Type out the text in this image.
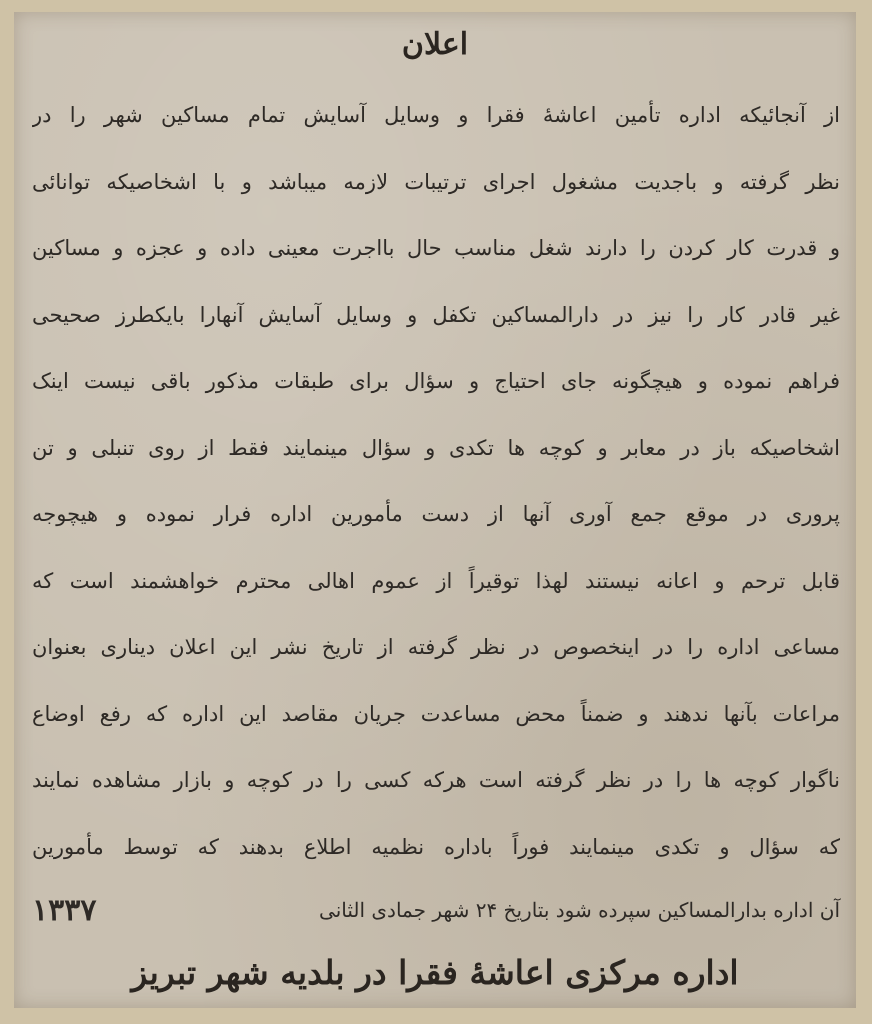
اعلان
از آنجائیکه اداره تأمین اعاشهٔ فقرا و وسایل آسایش تمام مساکین شهر را در
نظر گرفته و باجدیت مشغول اجرای ترتیبات لازمه میباشد و با اشخاصیکه توانائی
و قدرت کار کردن را دارند شغل مناسب حال بااجرت معینی داده و عجزه و مساکین
غیر قادر کار را نیز در دارالمساکین تکفل و وسایل آسایش آنهارا بایکطرز صحیحی
فراهم نموده و هیچگونه جای احتیاج و سؤال برای طبقات مذکور باقی نیست اینک
اشخاصیکه باز در معابر و کوچه ها تکدی و سؤال مینمایند فقط از روی تنبلی و تن
پروری در موقع جمع آوری آنها از دست مأمورین اداره فرار نموده و هیچوجه
قابل ترحم و اعانه نیستند لهذا توقیراً از عموم اهالی محترم خواهشمند است که
مساعی اداره را در اینخصوص در نظر گرفته از تاریخ نشر این اعلان دیناری بعنوان
مراعات بآنها ندهند و ضمناً محض مساعدت جریان مقاصد این اداره که رفع اوضاع
ناگوار کوچه ها را در نظر گرفته است هرکه کسی را در کوچه و بازار مشاهده نمایند
که سؤال و تکدی مینمایند فوراً باداره نظمیه اطلاع بدهند که توسط مأمورین
آن اداره بدارالمساکین سپرده شود بتاریخ ۲۴ شهر جمادی الثانی
۱۳۳۷
اداره مرکزی اعاشهٔ فقرا در بلدیه شهر تبریز
